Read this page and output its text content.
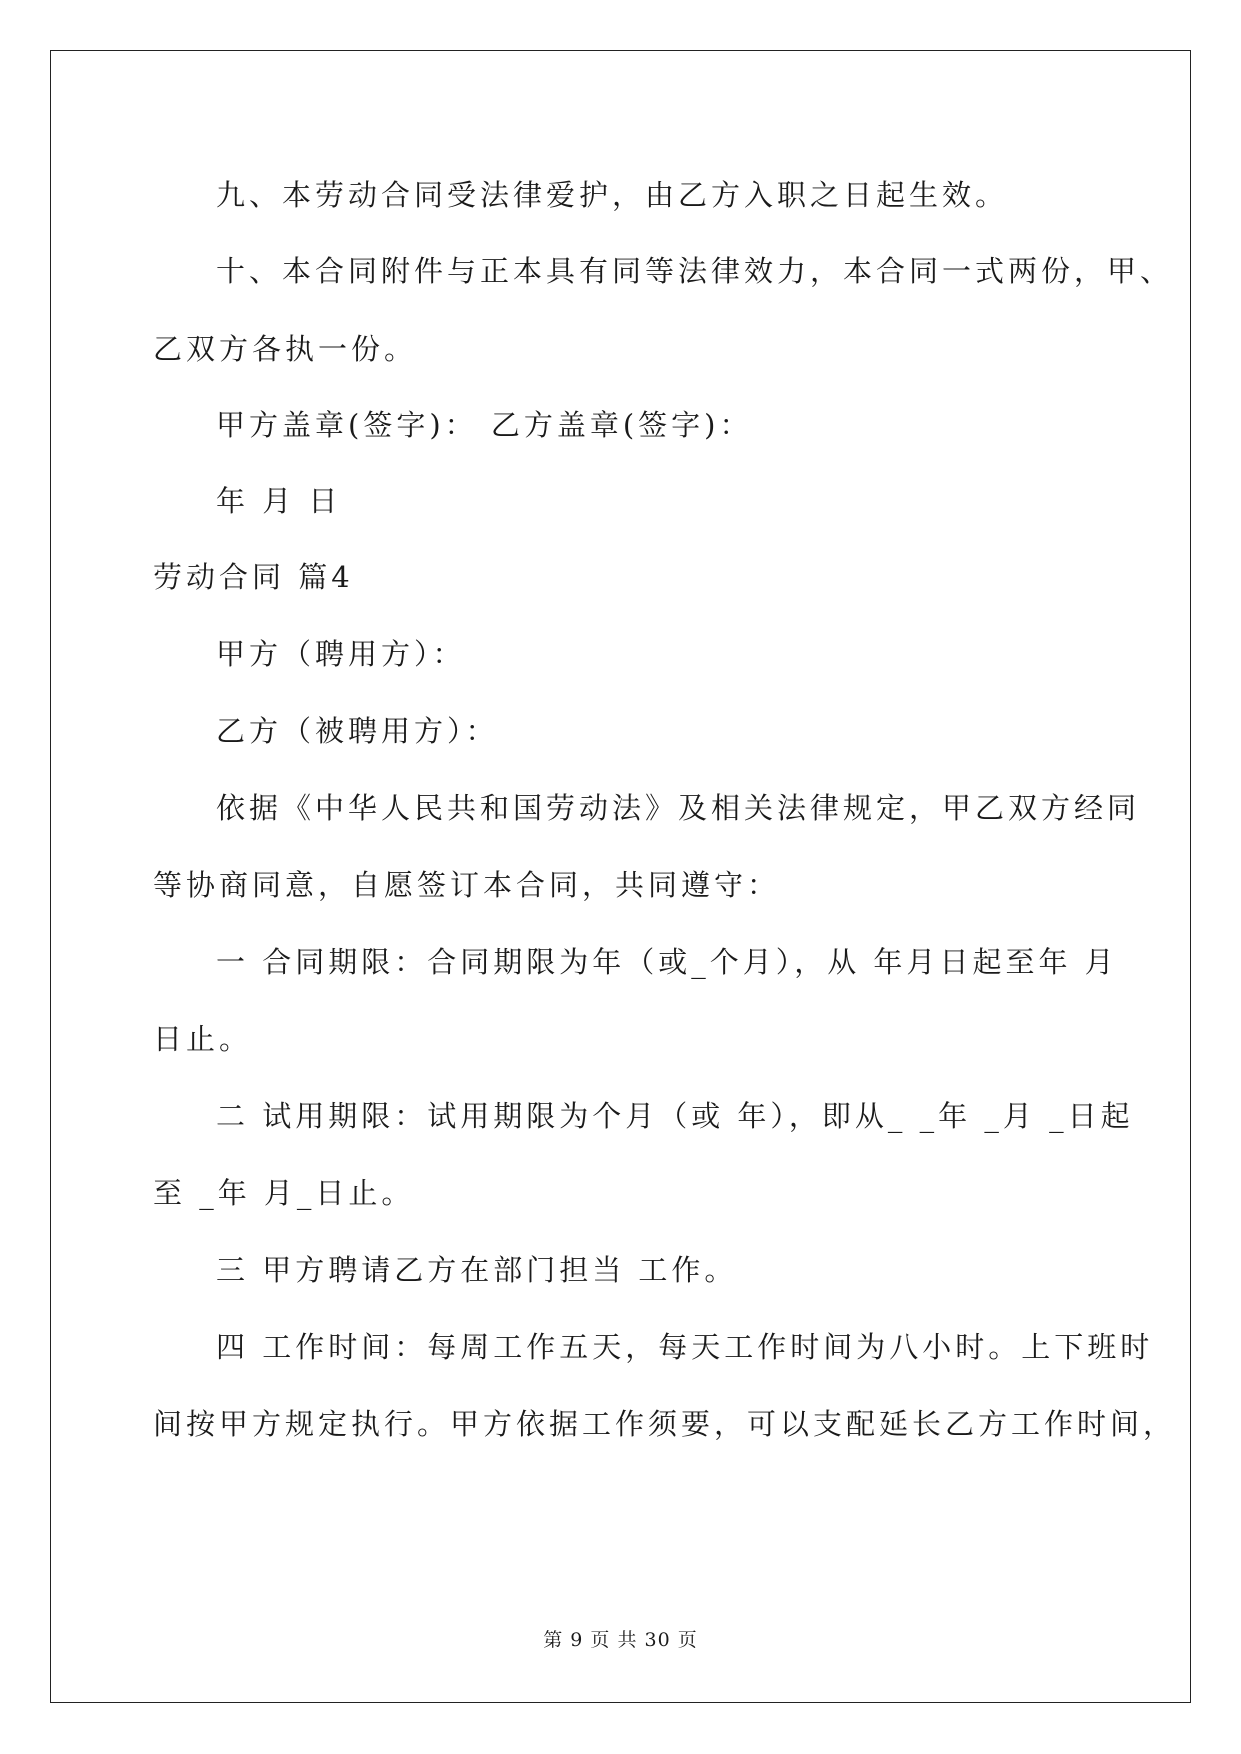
九、本劳动合同受法律爱护，由乙方入职之日起生效。
十、本合同附件与正本具有同等法律效力，本合同一式两份，甲、
乙双方各执一份。
甲方盖章(签字)： 乙方盖章(签字)：
年 月 日
劳动合同 篇4
甲方（聘用方）：
乙方（被聘用方）：
依据《中华人民共和国劳动法》及相关法律规定，甲乙双方经同
等协商同意，自愿签订本合同，共同遵守：
一 合同期限：合同期限为年（或_个月），从 年月日起至年 月
日止。
二 试用期限：试用期限为个月（或 年），即从_ _年 _月 _日起
至 _年 月_日止。
三 甲方聘请乙方在部门担当 工作。
四 工作时间：每周工作五天，每天工作时间为八小时。上下班时
间按甲方规定执行。甲方依据工作须要，可以支配延长乙方工作时间，
第 9 页 共 30 页
